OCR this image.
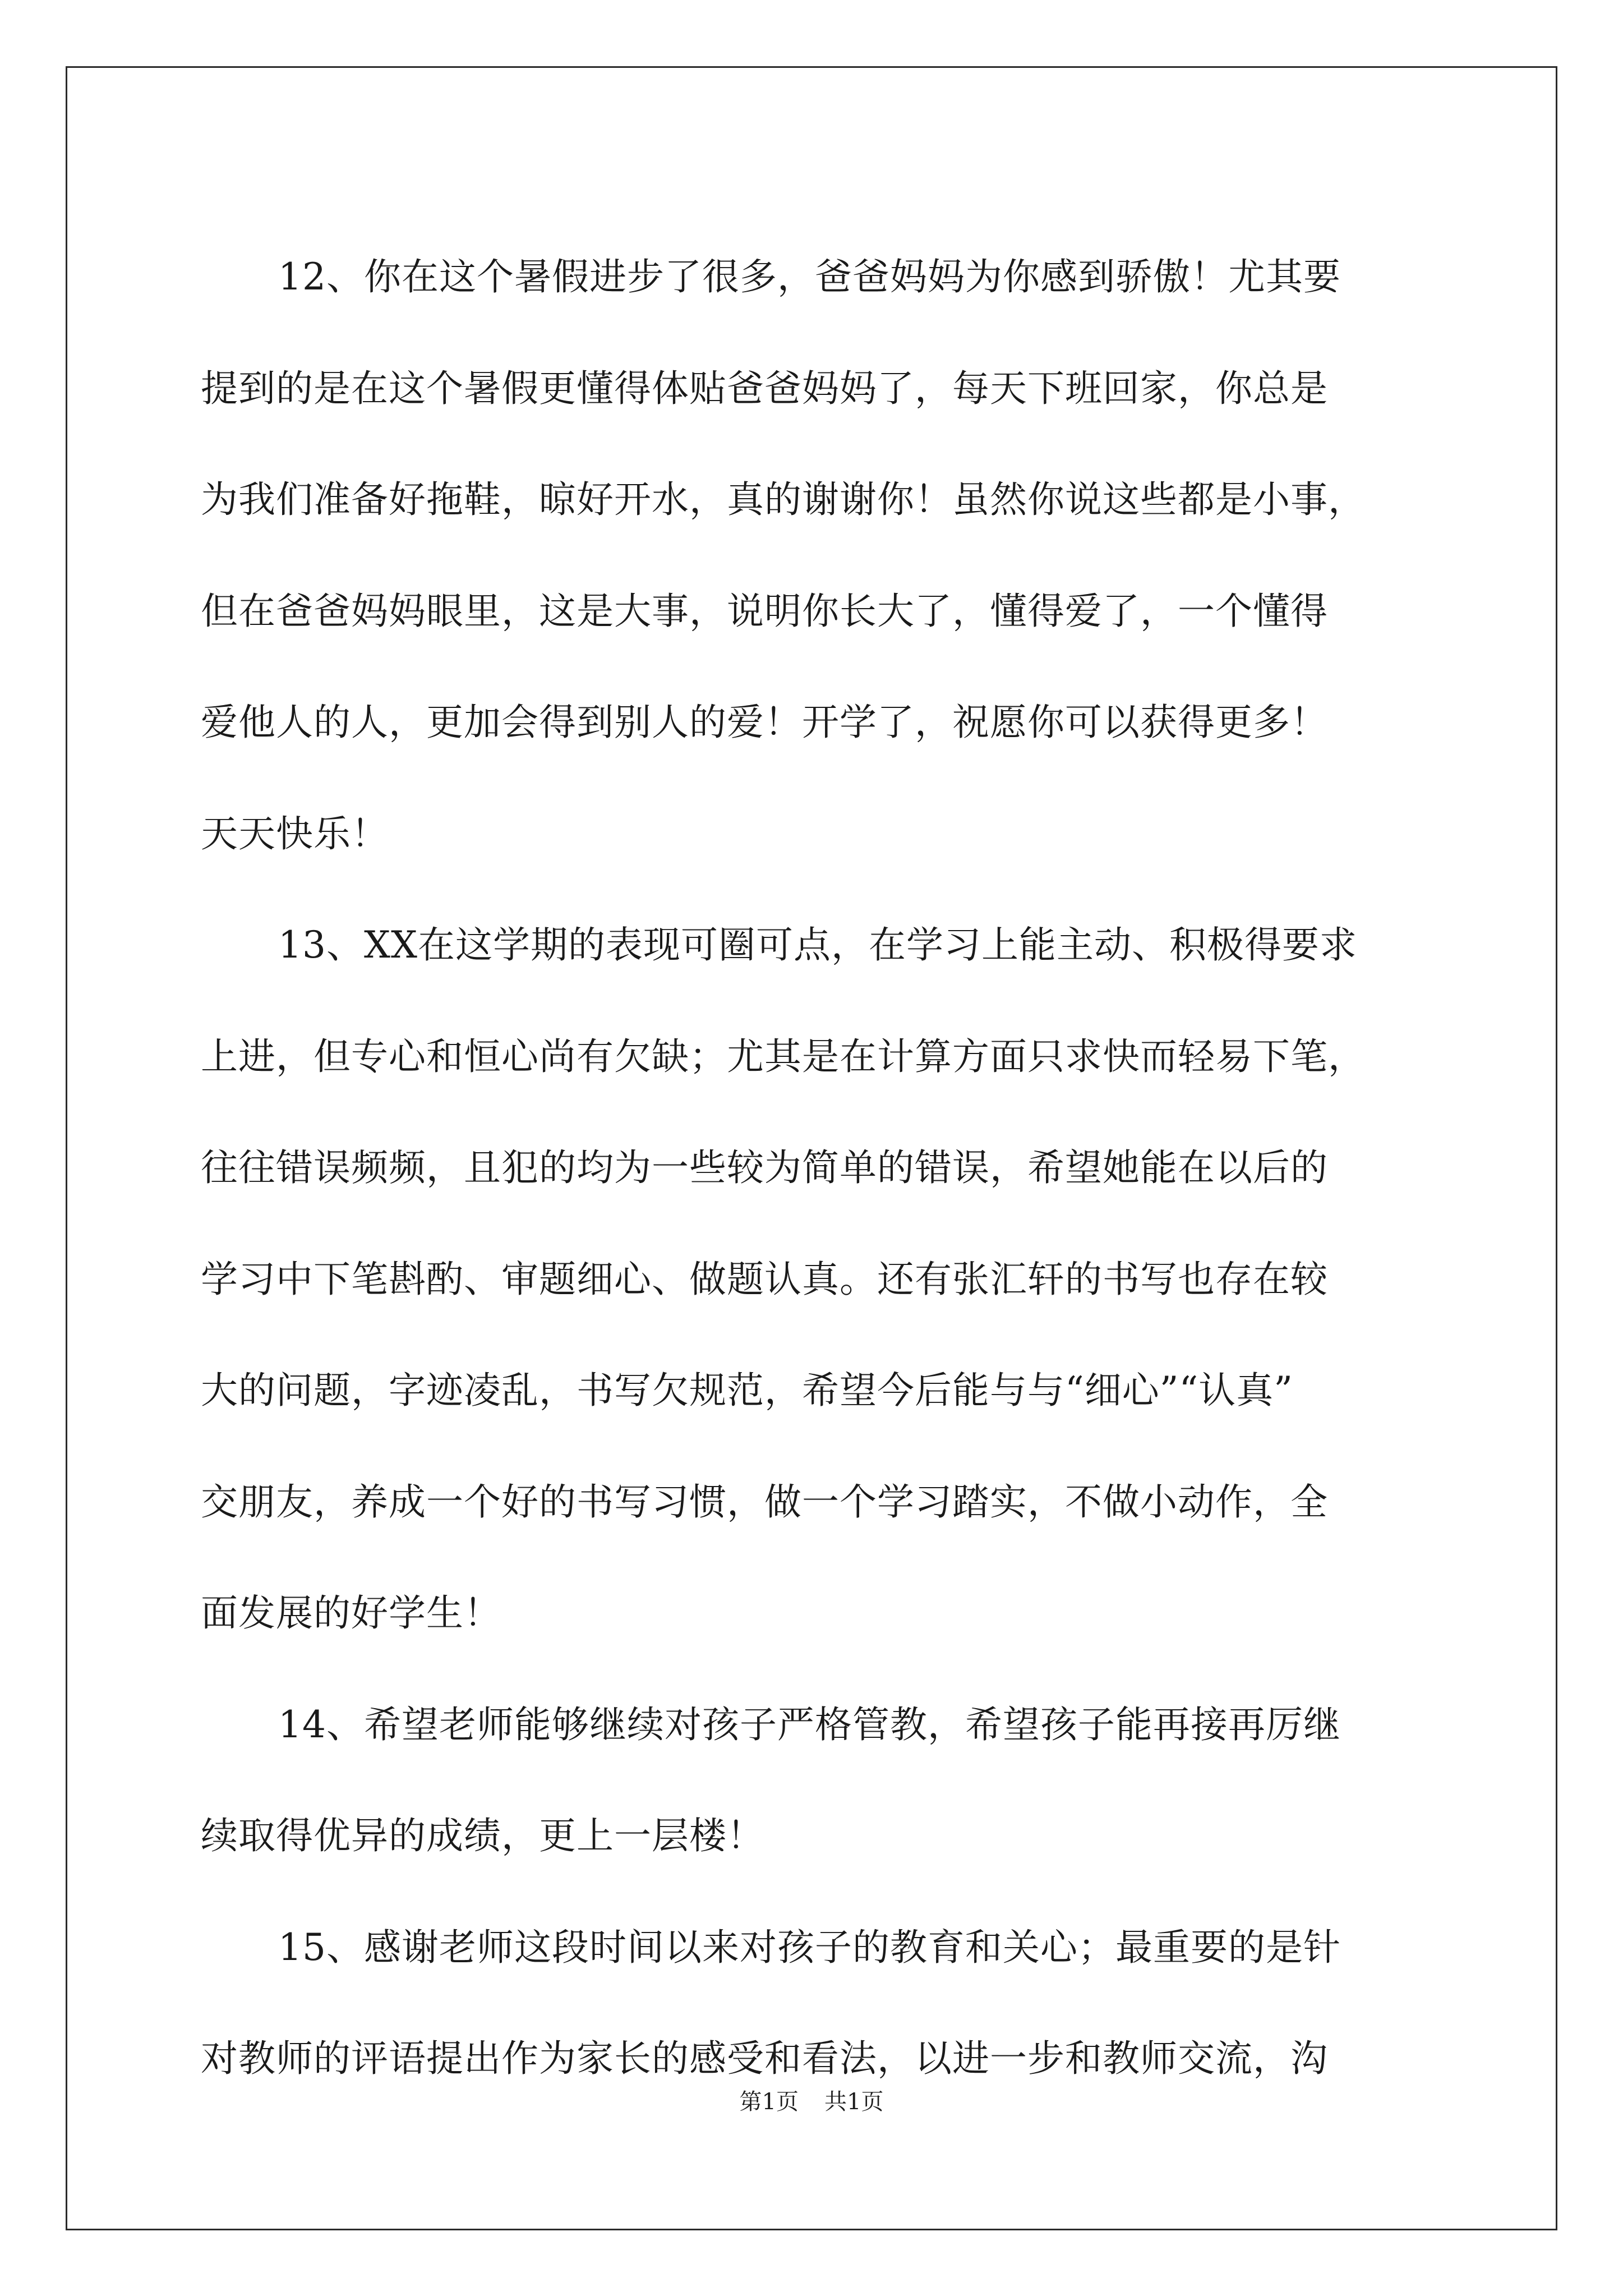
12、你在这个暑假进步了很多，爸爸妈妈为你感到骄傲！尤其要
提到的是在这个暑假更懂得体贴爸爸妈妈了，每天下班回家，你总是
为我们准备好拖鞋，晾好开水，真的谢谢你！虽然你说这些都是小事，
但在爸爸妈妈眼里，这是大事，说明你长大了，懂得爱了，一个懂得
爱他人的人，更加会得到别人的爱！开学了，祝愿你可以获得更多！
天天快乐！
13、XX在这学期的表现可圈可点，在学习上能主动、积极得要求
上进，但专心和恒心尚有欠缺；尤其是在计算方面只求快而轻易下笔，
往往错误频频，且犯的均为一些较为简单的错误，希望她能在以后的
学习中下笔斟酌、审题细心、做题认真。还有张汇轩的书写也存在较
大的问题，字迹凌乱，书写欠规范，希望今后能与与“细心”“认真”
交朋友，养成一个好的书写习惯，做一个学习踏实，不做小动作，全
面发展的好学生！
14、希望老师能够继续对孩子严格管教，希望孩子能再接再厉继
续取得优异的成绩，更上一层楼！
15、感谢老师这段时间以来对孩子的教育和关心；最重要的是针
对教师的评语提出作为家长的感受和看法，以进一步和教师交流，沟
第1页 共1页
